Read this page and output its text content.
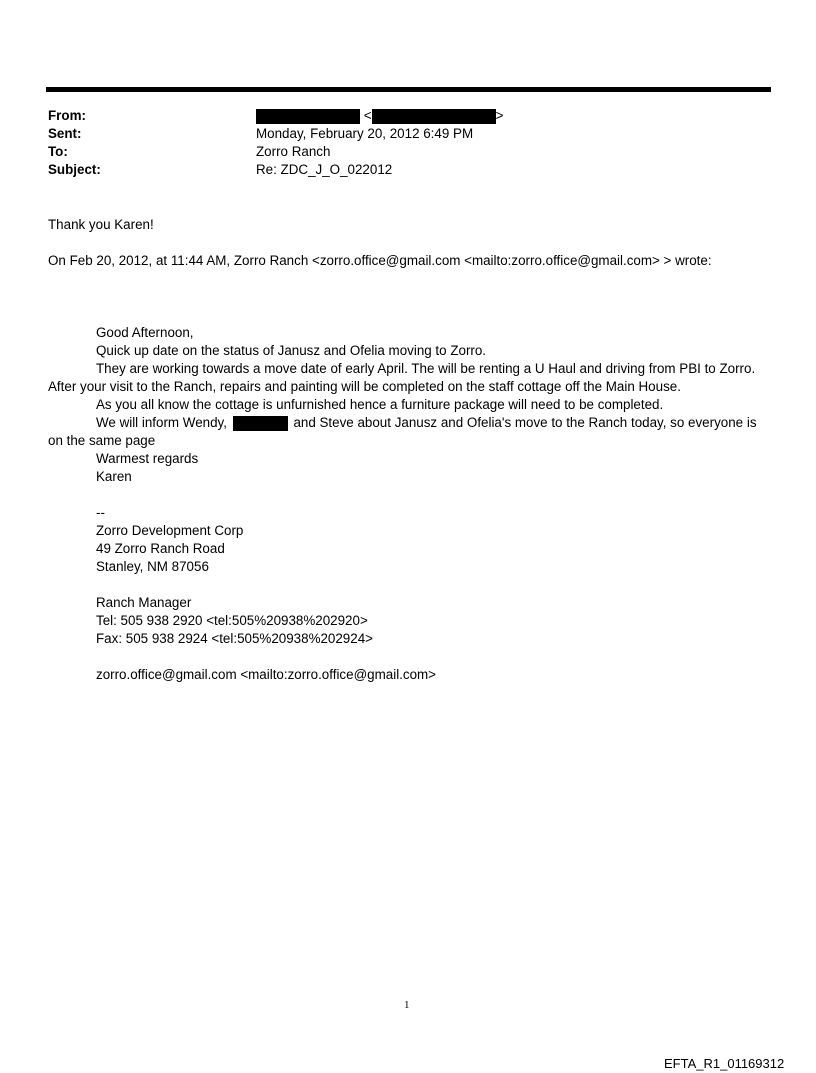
From:	<	>
Sent:	Monday, February 20, 2012 6:49 PM
To:	Zorro Ranch
Subject:	Re: ZDC_J_O_022012
Thank you Karen!
On Feb 20, 2012, at 11:44 AM, Zorro Ranch <zorro.office@gmail.com <mailto:zorro.office@gmail.com> > wrote:
Good Afternoon,
Quick up date on the status of Janusz and Ofelia moving to Zorro.
They are working towards a move date of early April. The will be renting a U Haul and driving from PBI to Zorro.
After your visit to the Ranch, repairs and painting will be completed on the staff cottage off the Main House.
As you all know the cottage is unfurnished hence a furniture package will need to be completed.
We will inform Wendy,	and Steve about Janusz and Ofelia's move to the Ranch today, so everyone is
on the same page
Warmest regards
Karen
--
Zorro Development Corp
49 Zorro Ranch Road
Stanley, NM 87056
Ranch Manager
Tel: 505 938 2920 <tel:505%20938%202920>
Fax: 505 938 2924 <tel:505%20938%202924>
zorro.office@gmail.com <mailto:zorro.office@gmail.com>
1
EFTA_R1_01169312
